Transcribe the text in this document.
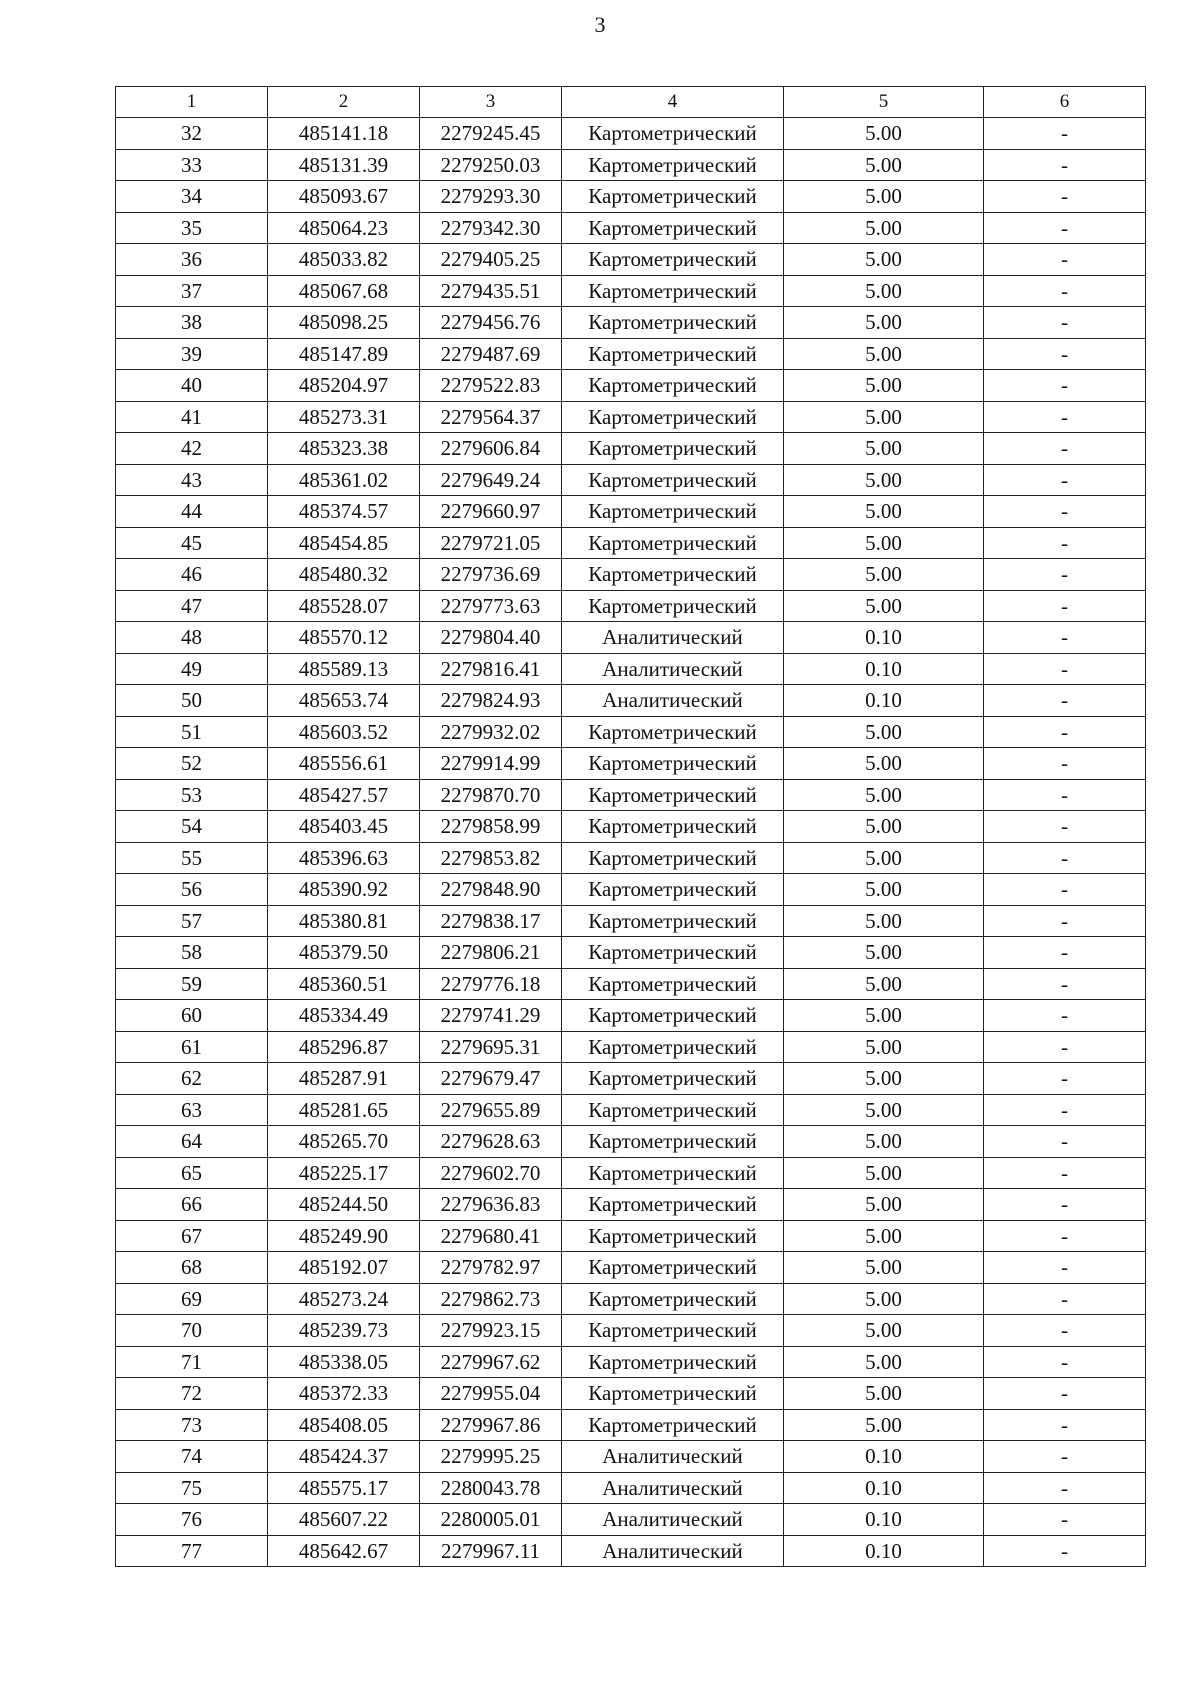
3
1	2	3	4	5	6
32	485141.18	2279245.45	Картометрический	5.00	-
33	485131.39	2279250.03	Картометрический	5.00	-
34	485093.67	2279293.30	Картометрический	5.00	-
35	485064.23	2279342.30	Картометрический	5.00	-
36	485033.82	2279405.25	Картометрический	5.00	-
37	485067.68	2279435.51	Картометрический	5.00	-
38	485098.25	2279456.76	Картометрический	5.00	-
39	485147.89	2279487.69	Картометрический	5.00	-
40	485204.97	2279522.83	Картометрический	5.00	-
41	485273.31	2279564.37	Картометрический	5.00	-
42	485323.38	2279606.84	Картометрический	5.00	-
43	485361.02	2279649.24	Картометрический	5.00	-
44	485374.57	2279660.97	Картометрический	5.00	-
45	485454.85	2279721.05	Картометрический	5.00	-
46	485480.32	2279736.69	Картометрический	5.00	-
47	485528.07	2279773.63	Картометрический	5.00	-
48	485570.12	2279804.40	Аналитический	0.10	-
49	485589.13	2279816.41	Аналитический	0.10	-
50	485653.74	2279824.93	Аналитический	0.10	-
51	485603.52	2279932.02	Картометрический	5.00	-
52	485556.61	2279914.99	Картометрический	5.00	-
53	485427.57	2279870.70	Картометрический	5.00	-
54	485403.45	2279858.99	Картометрический	5.00	-
55	485396.63	2279853.82	Картометрический	5.00	-
56	485390.92	2279848.90	Картометрический	5.00	-
57	485380.81	2279838.17	Картометрический	5.00	-
58	485379.50	2279806.21	Картометрический	5.00	-
59	485360.51	2279776.18	Картометрический	5.00	-
60	485334.49	2279741.29	Картометрический	5.00	-
61	485296.87	2279695.31	Картометрический	5.00	-
62	485287.91	2279679.47	Картометрический	5.00	-
63	485281.65	2279655.89	Картометрический	5.00	-
64	485265.70	2279628.63	Картометрический	5.00	-
65	485225.17	2279602.70	Картометрический	5.00	-
66	485244.50	2279636.83	Картометрический	5.00	-
67	485249.90	2279680.41	Картометрический	5.00	-
68	485192.07	2279782.97	Картометрический	5.00	-
69	485273.24	2279862.73	Картометрический	5.00	-
70	485239.73	2279923.15	Картометрический	5.00	-
71	485338.05	2279967.62	Картометрический	5.00	-
72	485372.33	2279955.04	Картометрический	5.00	-
73	485408.05	2279967.86	Картометрический	5.00	-
74	485424.37	2279995.25	Аналитический	0.10	-
75	485575.17	2280043.78	Аналитический	0.10	-
76	485607.22	2280005.01	Аналитический	0.10	-
77	485642.67	2279967.11	Аналитический	0.10	-
